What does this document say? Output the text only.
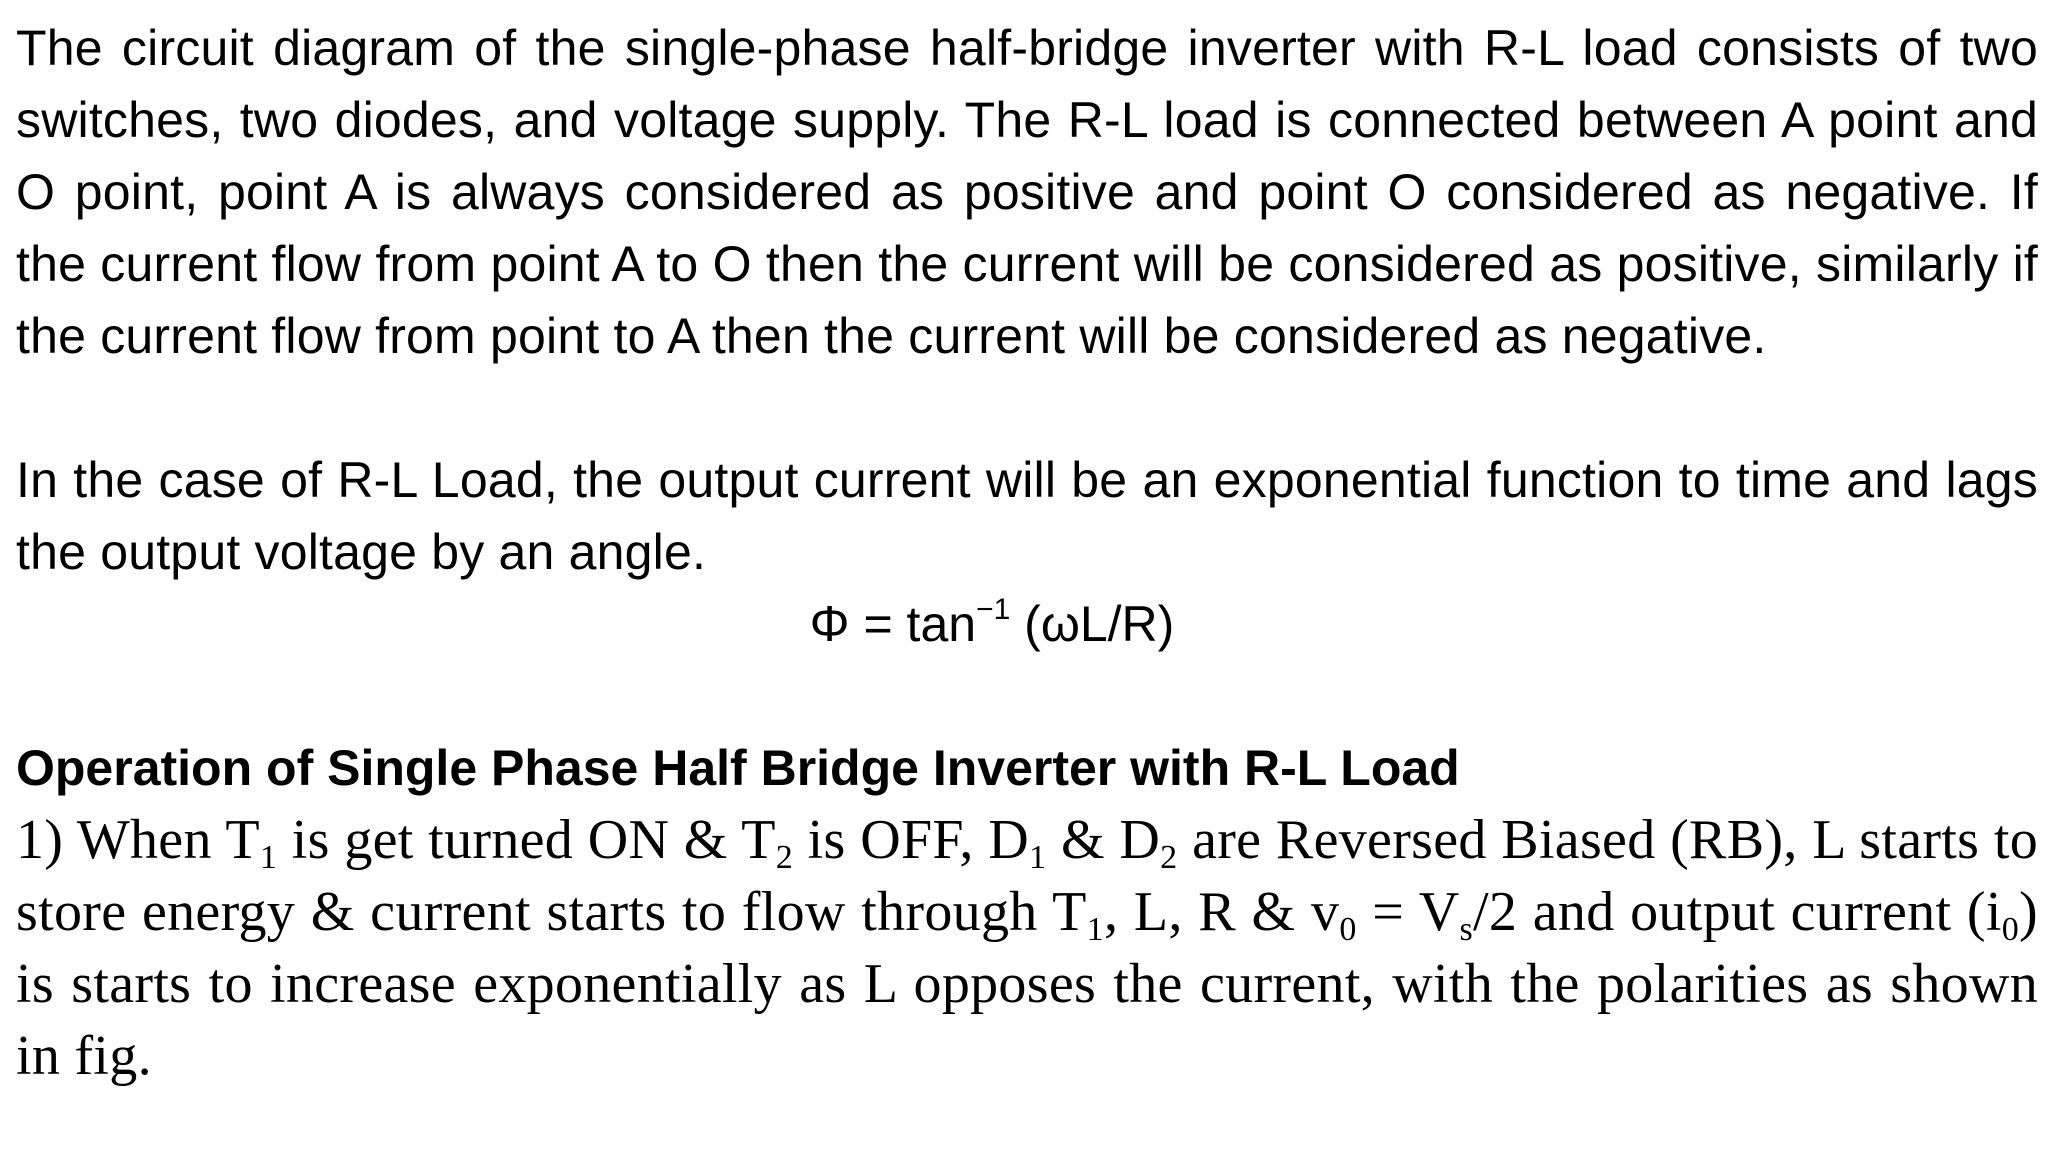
The circuit diagram of the single-phase half-bridge inverter with R-L load consists of two switches, two diodes, and voltage supply. The R-L load is connected between A point and O point, point A is always considered as positive and point O considered as negative. If the current flow from point A to O then the current will be considered as positive, similarly if the current flow from point to A then the current will be considered as negative.

In the case of R-L Load, the output current will be an exponential function to time and lags the output voltage by an angle.

$\Phi = \tan^{-1} (\omega L/R)$

Operation of Single Phase Half Bridge Inverter with R-L Load

1) When $T_1$ is get turned ON & $T_2$ is OFF, $D_1$ & $D_2$ are Reversed Biased (RB), L starts to store energy & current starts to flow through $T_1$, L, R & $v_0 = V_s/2$ and output current $(i_0)$ is starts to increase exponentially as L opposes the current, with the polarities as shown in fig.
